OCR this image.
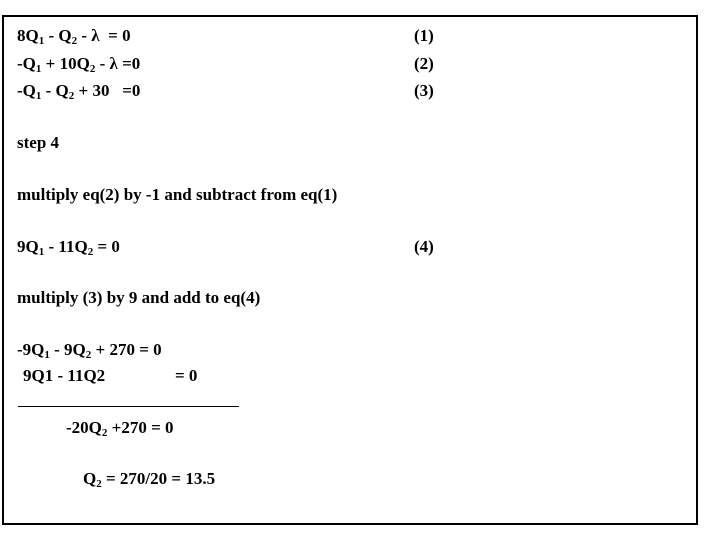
$8Q_1 - Q_2 - \lambda = 0$	(1)
$-Q_1 + 10Q_2 - \lambda =0$	(2)
$-Q_1 - Q_2 + 30 =0$	(3)
step 4
multiply eq(2) by -1 and subtract from eq(1)
$9Q_1 - 11Q_2 = 0$	(4)
multiply (3) by 9 and add to eq(4)
$-9Q_1 - 9Q_2 + 270 = 0$
9Q1 - 11Q2	= 0
$-20Q_2 +270 = 0$
$Q_2 = 270/20 = 13.5$
